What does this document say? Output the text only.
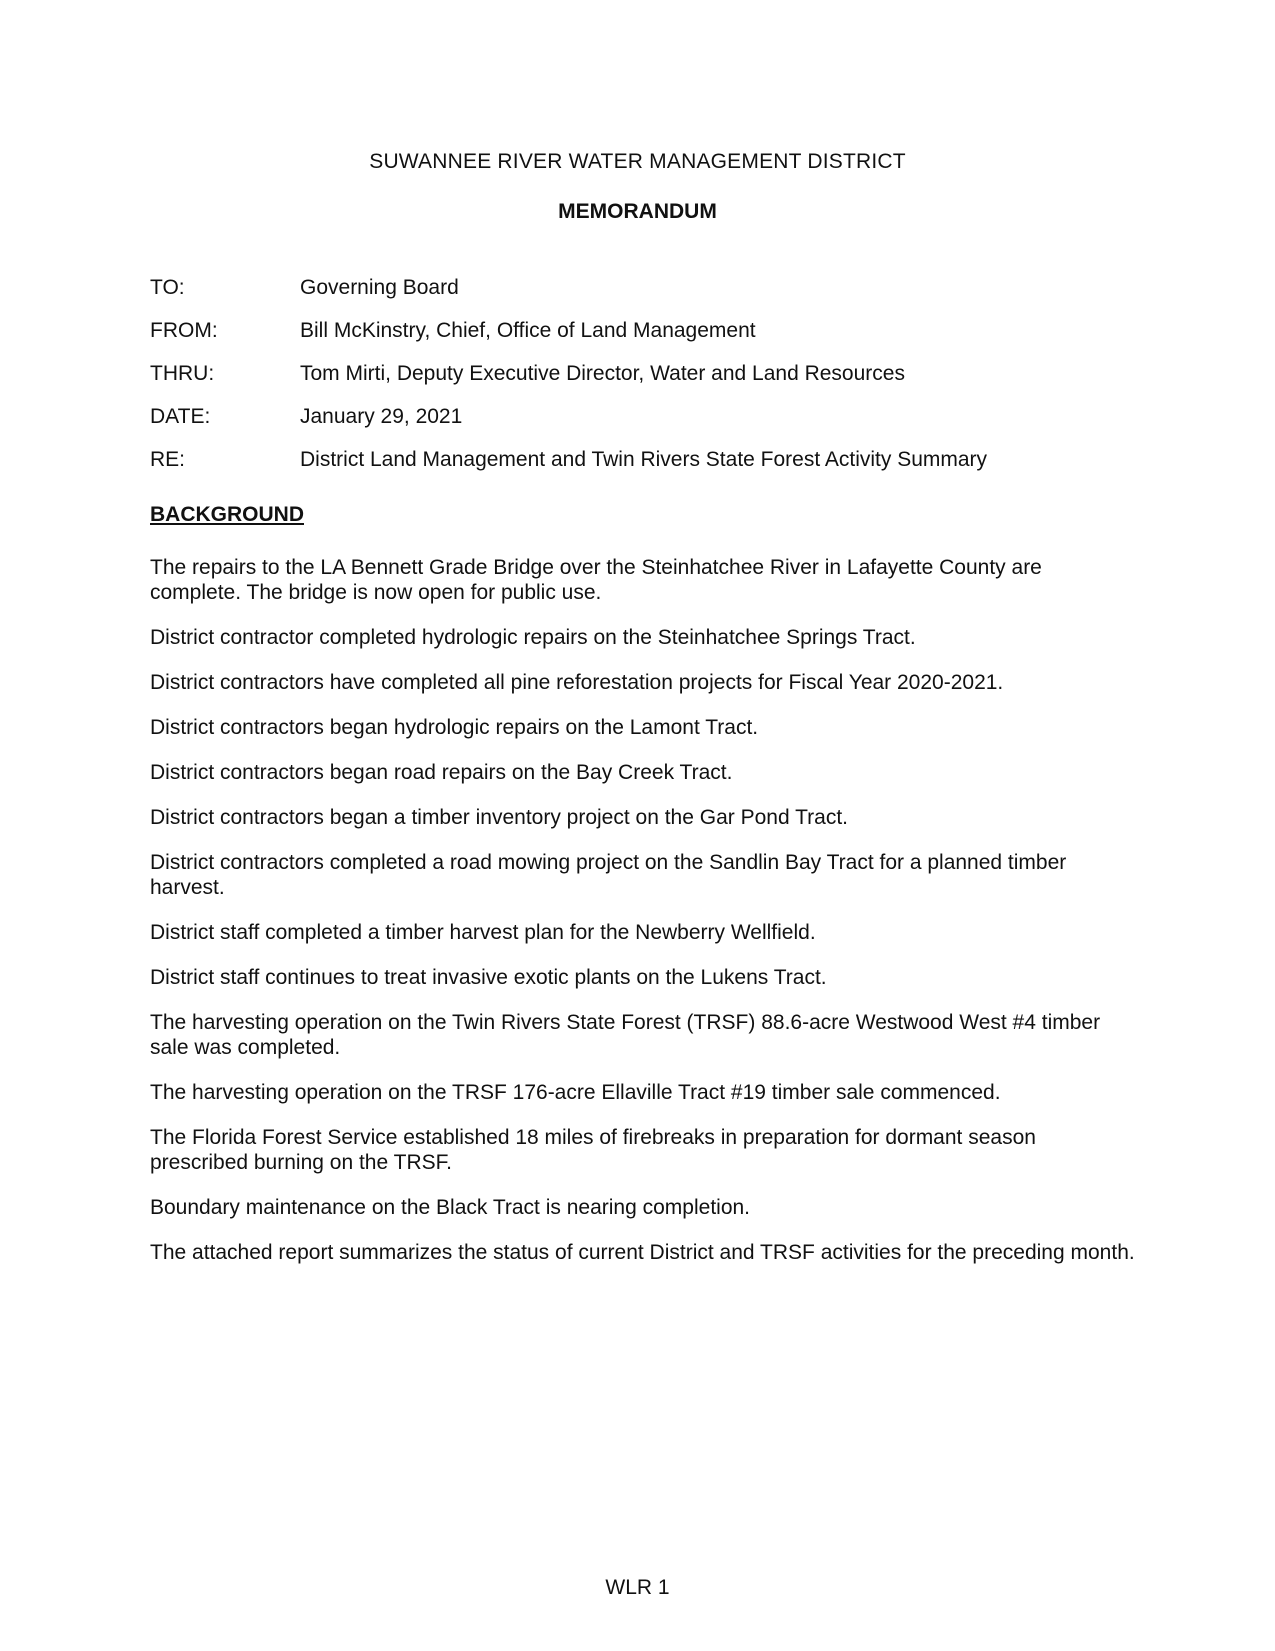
SUWANNEE RIVER WATER MANAGEMENT DISTRICT
MEMORANDUM
TO:	Governing Board
FROM:	Bill McKinstry, Chief, Office of Land Management
THRU:	Tom Mirti, Deputy Executive Director, Water and Land Resources
DATE:	January 29, 2021
RE:	District Land Management and Twin Rivers State Forest Activity Summary
BACKGROUND

The repairs to the LA Bennett Grade Bridge over the Steinhatchee River in Lafayette County are complete. The bridge is now open for public use.

District contractor completed hydrologic repairs on the Steinhatchee Springs Tract.

District contractors have completed all pine reforestation projects for Fiscal Year 2020-2021.

District contractors began hydrologic repairs on the Lamont Tract.

District contractors began road repairs on the Bay Creek Tract.

District contractors began a timber inventory project on the Gar Pond Tract.

District contractors completed a road mowing project on the Sandlin Bay Tract for a planned timber harvest.

District staff completed a timber harvest plan for the Newberry Wellfield.

District staff continues to treat invasive exotic plants on the Lukens Tract.

The harvesting operation on the Twin Rivers State Forest (TRSF) 88.6-acre Westwood West #4 timber sale was completed.

The harvesting operation on the TRSF 176-acre Ellaville Tract #19 timber sale commenced.

The Florida Forest Service established 18 miles of firebreaks in preparation for dormant season prescribed burning on the TRSF.

Boundary maintenance on the Black Tract is nearing completion.

The attached report summarizes the status of current District and TRSF activities for the preceding month.

WLR 1
